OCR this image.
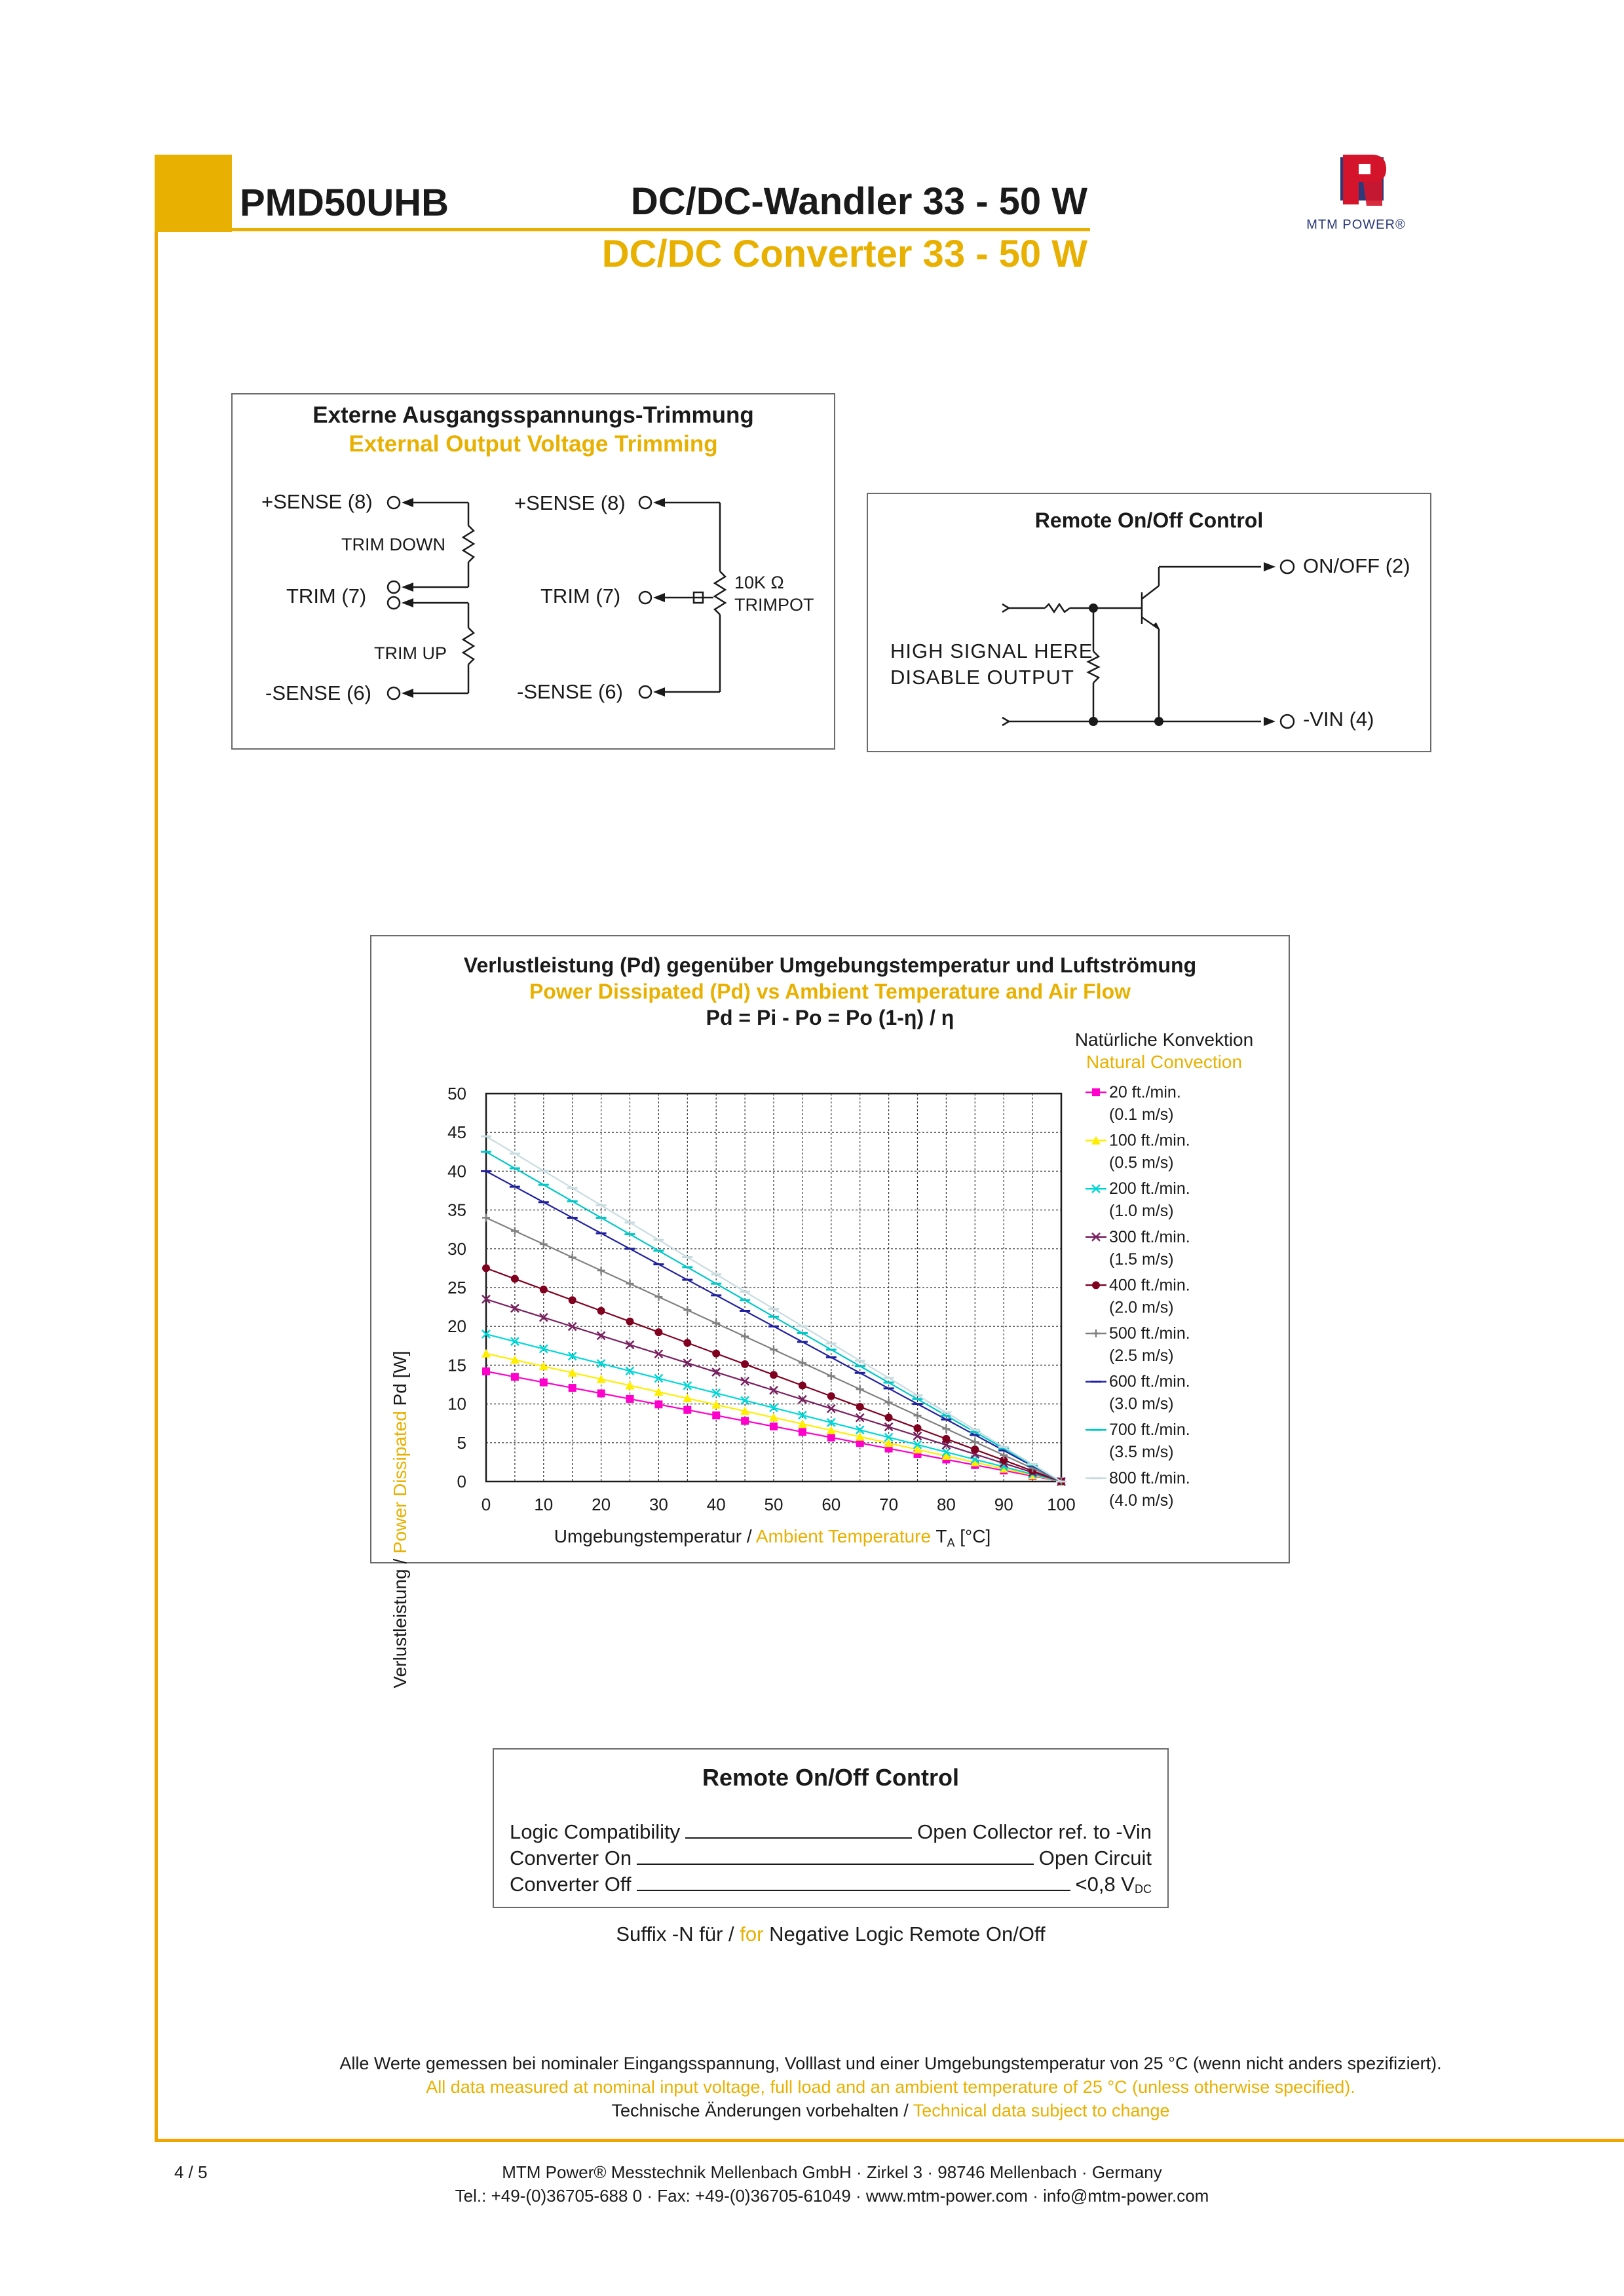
PMD50UHB	DC/DC-Wandler 33 - 50 W
DC/DC Converter 33 - 50 W
MTM POWER®
Externe Ausgangsspannungs-Trimmung
External Output Voltage Trimming
+SENSE (8)
TRIM DOWN
TRIM (7)
TRIM UP
-SENSE (6)
+SENSE (8)
TRIM (7)
-SENSE (6)
10K Ω
TRIMPOT
Remote On/Off Control
ON/OFF (2)
-VIN (4)
HIGH SIGNAL HERE
DISABLE OUTPUT
Verlustleistung (Pd) gegenüber Umgebungstemperatur und Luftströmung
Power Dissipated (Pd) vs Ambient Temperature and Air Flow
Pd = Pi - Po = Po (1-η) / η
Natürliche Konvektion
Natural Convection
Umgebungstemperatur / Ambient Temperature $T_A$ [°C]
Verlustleistung / Power Dissipated Pd [W]
0	10 20 30 40 50 60 70 80 90 100
0
5
10
15
20
25
30
35
40
45
50	20 ft./min.
(0.1 m/s)
100 ft./min.
(0.5 m/s)
200 ft./min.
(1.0 m/s)
300 ft./min.
(1.5 m/s)
400 ft./min.
(2.0 m/s)
500 ft./min.
(2.5 m/s)
600 ft./min.
(3.0 m/s)
700 ft./min.
(3.5 m/s)
800 ft./min.
(4.0 m/s)
Remote On/Off Control
Logic Compatibility	Open Collector ref. to -Vin
Converter On	Open Circuit
Converter Off	<0,8 $V_{DC}$
Suffix -N für / for Negative Logic Remote On/Off
Alle Werte gemessen bei nominaler Eingangsspannung, Volllast und einer Umgebungstemperatur von 25 °C (wenn nicht anders spezifiziert).
All data measured at nominal input voltage, full load and an ambient temperature of 25 °C (unless otherwise specified).
Technische Änderungen vorbehalten / Technical data subject to change
4 / 5	MTM Power® Messtechnik Mellenbach GmbH · Zirkel 3 · 98746 Mellenbach · Germany
Tel.: +49-(0)36705-688 0 · Fax: +49-(0)36705-61049 · www.mtm-power.com · info@mtm-power.com
